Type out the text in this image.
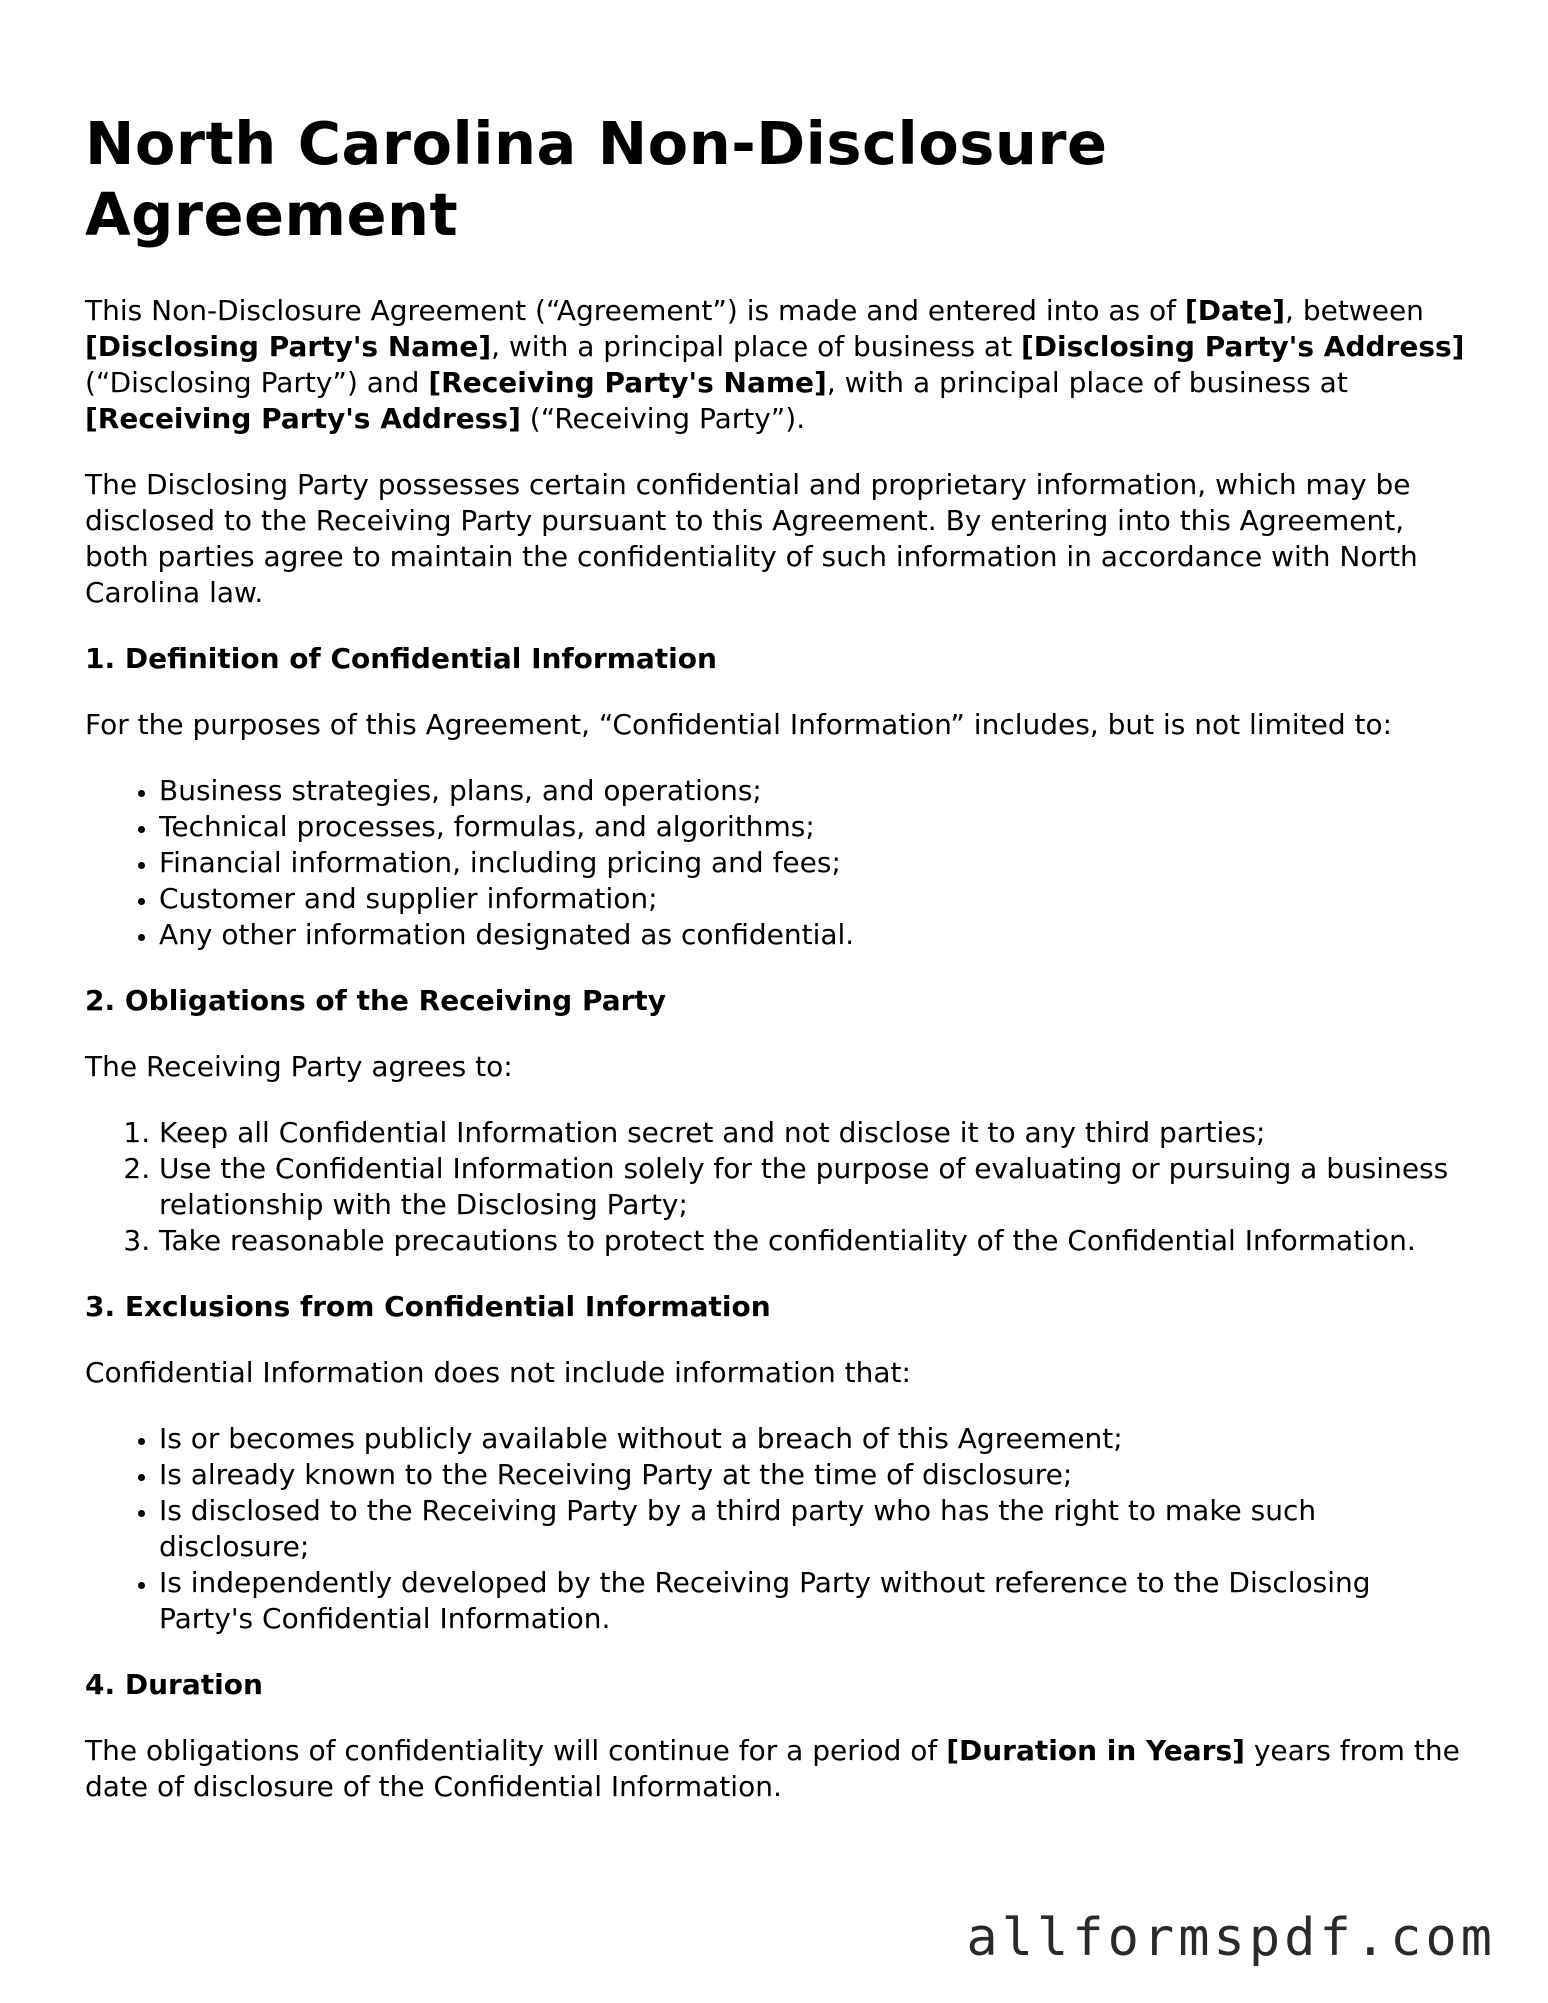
North Carolina Non-Disclosure Agreement

This Non-Disclosure Agreement (“Agreement”) is made and entered into as of [Date], between [Disclosing Party's Name], with a principal place of business at [Disclosing Party's Address] (“Disclosing Party”) and [Receiving Party's Name], with a principal place of business at [Receiving Party's Address] (“Receiving Party”).

The Disclosing Party possesses certain confidential and proprietary information, which may be disclosed to the Receiving Party pursuant to this Agreement. By entering into this Agreement, both parties agree to maintain the confidentiality of such information in accordance with North Carolina law.

1. Definition of Confidential Information

For the purposes of this Agreement, “Confidential Information” includes, but is not limited to:

• Business strategies, plans, and operations;
• Technical processes, formulas, and algorithms;
• Financial information, including pricing and fees;
• Customer and supplier information;
• Any other information designated as confidential.
2. Obligations of the Receiving Party

The Receiving Party agrees to:

1. Keep all Confidential Information secret and not disclose it to any third parties;
2. Use the Confidential Information solely for the purpose of evaluating or pursuing a business relationship with the Disclosing Party;
3. Take reasonable precautions to protect the confidentiality of the Confidential Information.
3. Exclusions from Confidential Information

Confidential Information does not include information that:

• Is or becomes publicly available without a breach of this Agreement;
• Is already known to the Receiving Party at the time of disclosure;
• Is disclosed to the Receiving Party by a third party who has the right to make such disclosure;
• Is independently developed by the Receiving Party without reference to the Disclosing Party's Confidential Information.
4. Duration

The obligations of confidentiality will continue for a period of [Duration in Years] years from the date of disclosure of the Confidential Information.

allformspdf.com
